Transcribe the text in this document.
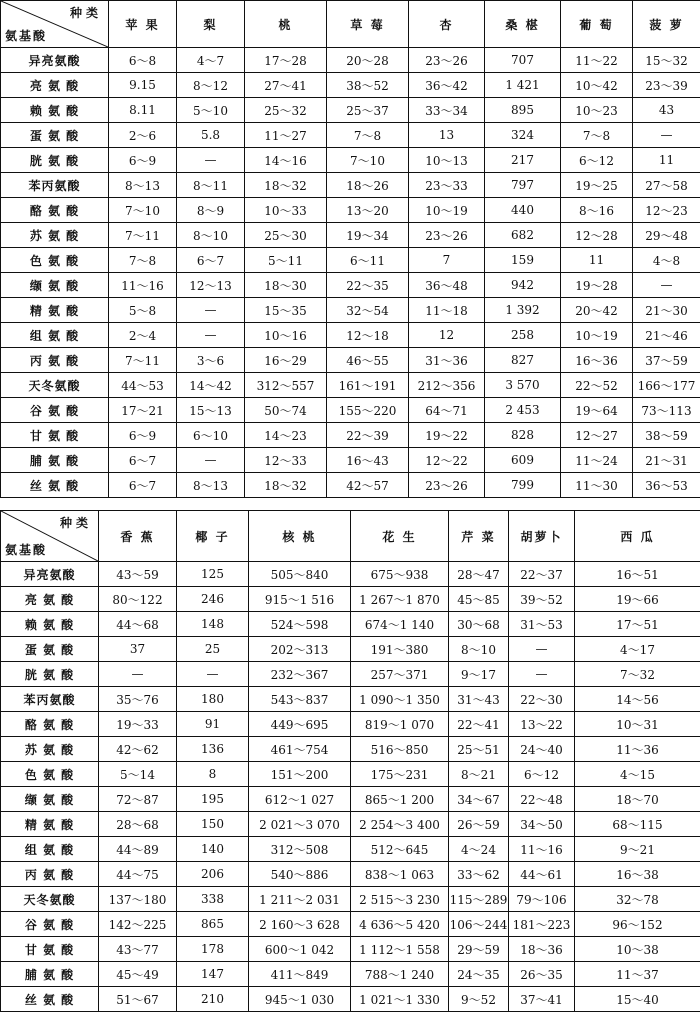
种类
氨基酸	苹 果	梨	桃	草 莓	杏	桑 椹	葡 萄	菠 萝
异亮氨酸	6～8	4～7	17～28	20～28	23～26	707	11～22	15～32
亮 氨 酸	9.15	8～12	27～41	38～52	36～42	1 421	10～42	23～39
赖 氨 酸	8.11	5～10	25～32	25～37	33～34	895	10～23	43
蛋 氨 酸	2～6	5.8	11～27	7～8	13	324	7～8	—
胱 氨 酸	6～9	—	14～16	7～10	10～13	217	6～12	11
苯丙氨酸	8～13	8～11	18～32	18～26	23～33	797	19～25	27～58
酪 氨 酸	7～10	8～9	10～33	13～20	10～19	440	8～16	12～23
苏 氨 酸	7～11	8～10	25～30	19～34	23～26	682	12～28	29～48
色 氨 酸	7～8	6～7	5～11	6～11	7	159	11	4～8
缬 氨 酸	11～16	12～13	18～30	22～35	36～48	942	19～28	—
精 氨 酸	5～8	—	15～35	32～54	11～18	1 392	20～42	21～30
组 氨 酸	2～4	—	10～16	12～18	12	258	10～19	21～46
丙 氨 酸	7～11	3～6	16～29	46～55	31～36	827	16～36	37～59
天冬氨酸	44～53	14～42	312～557	161～191	212～356	3 570	22～52	166～177
谷 氨 酸	17～21	15～13	50～74	155～220	64～71	2 453	19～64	73～113
甘 氨 酸	6～9	6～10	14～23	22～39	19～22	828	12～27	38～59
脯 氨 酸	6～7	—	12～33	16～43	12～22	609	11～24	21～31
丝 氨 酸	6～7	8～13	18～32	42～57	23～26	799	11～30	36～53
种类
氨基酸	香 蕉	椰 子	核 桃	花 生	芹 菜	胡萝卜	西 瓜
异亮氨酸	43～59	125	505～840	675～938	28～47	22～37	16～51
亮 氨 酸	80～122	246	915～1 516	1 267～1 870	45～85	39～52	19～66
赖 氨 酸	44～68	148	524～598	674～1 140	30～68	31～53	17～51
蛋 氨 酸	37	25	202～313	191～380	8～10	—	4～17
胱 氨 酸	—	—	232～367	257～371	9～17	—	7～32
苯丙氨酸	35～76	180	543～837	1 090～1 350	31～43	22～30	14～56
酪 氨 酸	19～33	91	449～695	819～1 070	22～41	13～22	10～31
苏 氨 酸	42～62	136	461～754	516～850	25～51	24～40	11～36
色 氨 酸	5～14	8	151～200	175～231	8～21	6～12	4～15
缬 氨 酸	72～87	195	612～1 027	865～1 200	34～67	22～48	18～70
精 氨 酸	28～68	150	2 021～3 070	2 254～3 400	26～59	34～50	68～115
组 氨 酸	44～89	140	312～508	512～645	4～24	11～16	9～21
丙 氨 酸	44～75	206	540～886	838～1 063	33～62	44～61	16～38
天冬氨酸	137～180	338	1 211～2 031	2 515～3 230	115～289	79～106	32～78
谷 氨 酸	142～225	865	2 160～3 628	4 636～5 420	106～244	181～223	96～152
甘 氨 酸	43～77	178	600～1 042	1 112～1 558	29～59	18～36	10～38
脯 氨 酸	45～49	147	411～849	788～1 240	24～35	26～35	11～37
丝 氨 酸	51～67	210	945～1 030	1 021～1 330	9～52	37～41	15～40
